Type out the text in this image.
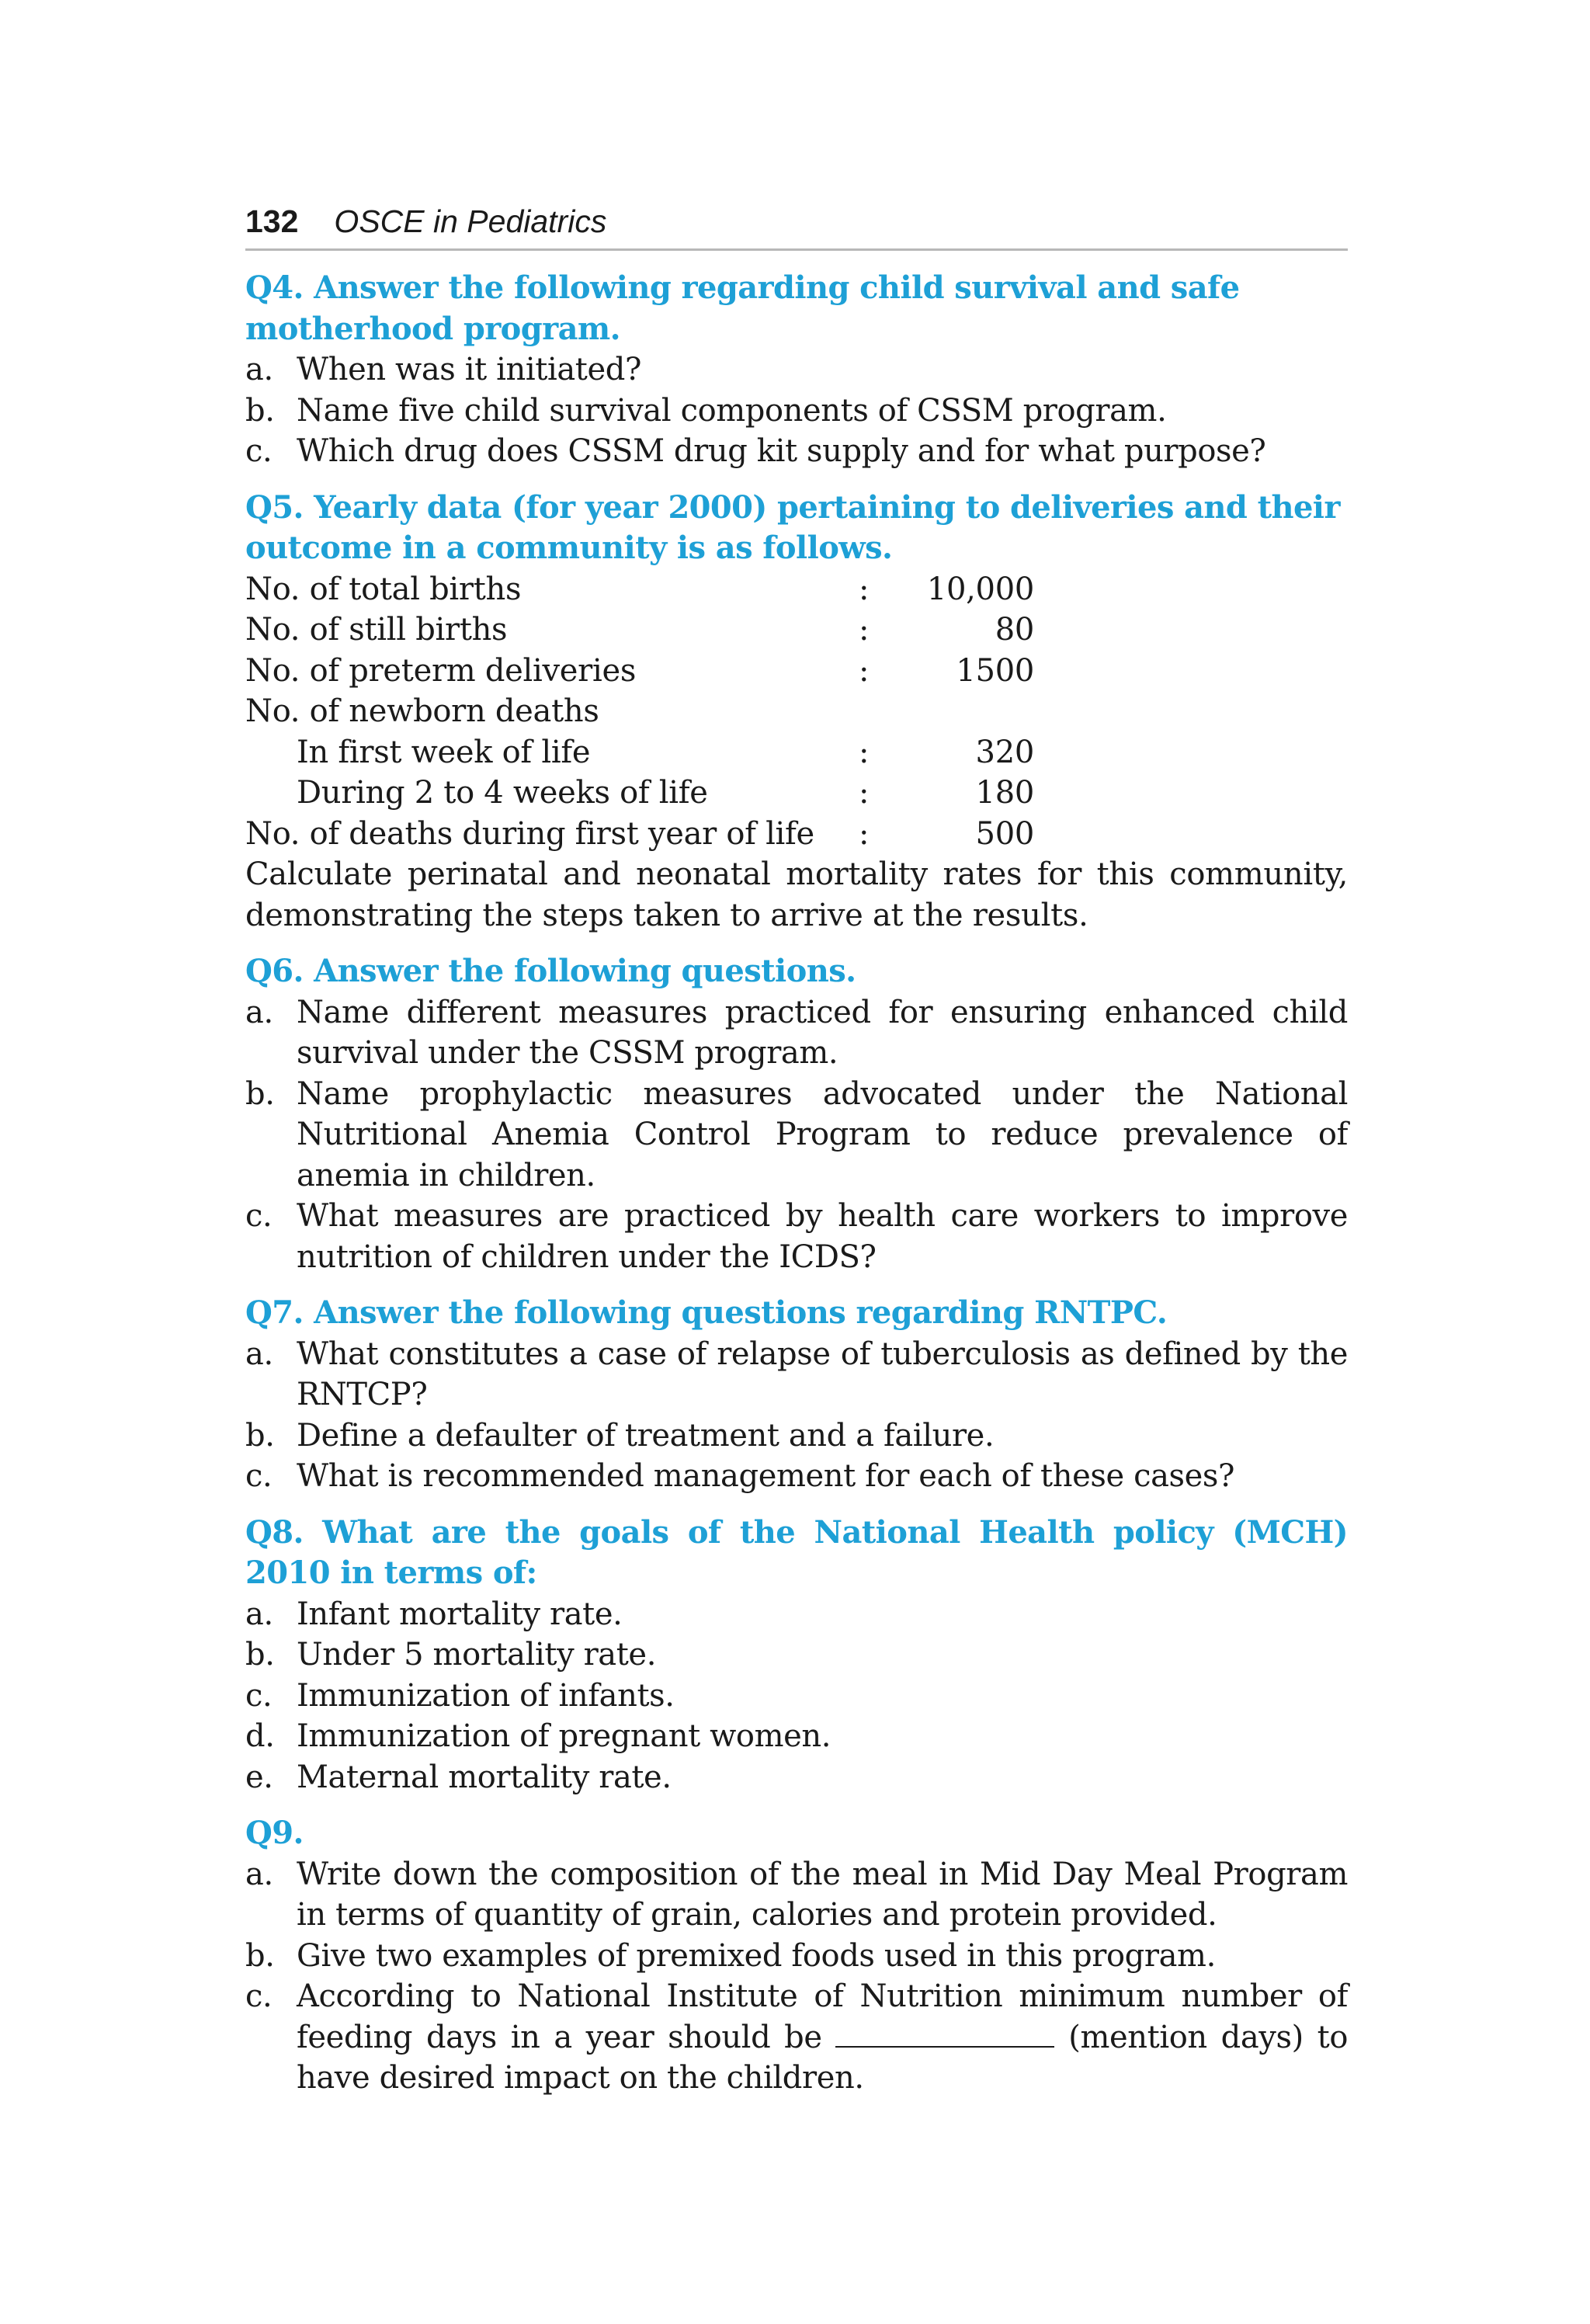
132 OSCE in Pediatrics

Q4. Answer the following regarding child survival and safe motherhood program.

a. When was it initiated?
b. Name five child survival components of CSSM program.
c. Which drug does CSSM drug kit supply and for what purpose?

Q5. Yearly data (for year 2000) pertaining to deliveries and their outcome in a community is as follows.

No. of total births	:	10,000
No. of still births	:	80
No. of preterm deliveries	:	1500
No. of newborn deaths
In first week of life	:	320
During 2 to 4 weeks of life	:	180
No. of deaths during first year of life	:	500
Calculate perinatal and neonatal mortality rates for this community, demonstrating the steps taken to arrive at the results.

Q6. Answer the following questions.

a. Name different measures practiced for ensuring enhanced child survival under the CSSM program.
b. Name prophylactic measures advocated under the National Nutritional Anemia Control Program to reduce prevalence of anemia in children.
c. What measures are practiced by health care workers to improve nutrition of children under the ICDS?

Q7. Answer the following questions regarding RNTPC.

a. What constitutes a case of relapse of tuberculosis as defined by the RNTCP?
b. Define a defaulter of treatment and a failure.
c. What is recommended management for each of these cases?

Q8. What are the goals of the National Health policy (MCH) 2010 in terms of:

a. Infant mortality rate.
b. Under 5 mortality rate.
c. Immunization of infants.
d. Immunization of pregnant women.
e. Maternal mortality rate.

Q9.

a. Write down the composition of the meal in Mid Day Meal Program in terms of quantity of grain, calories and protein provided.
b. Give two examples of premixed foods used in this program.
c. According to National Institute of Nutrition minimum number of feeding days in a year should be	(mention days) to have desired impact on the children.
